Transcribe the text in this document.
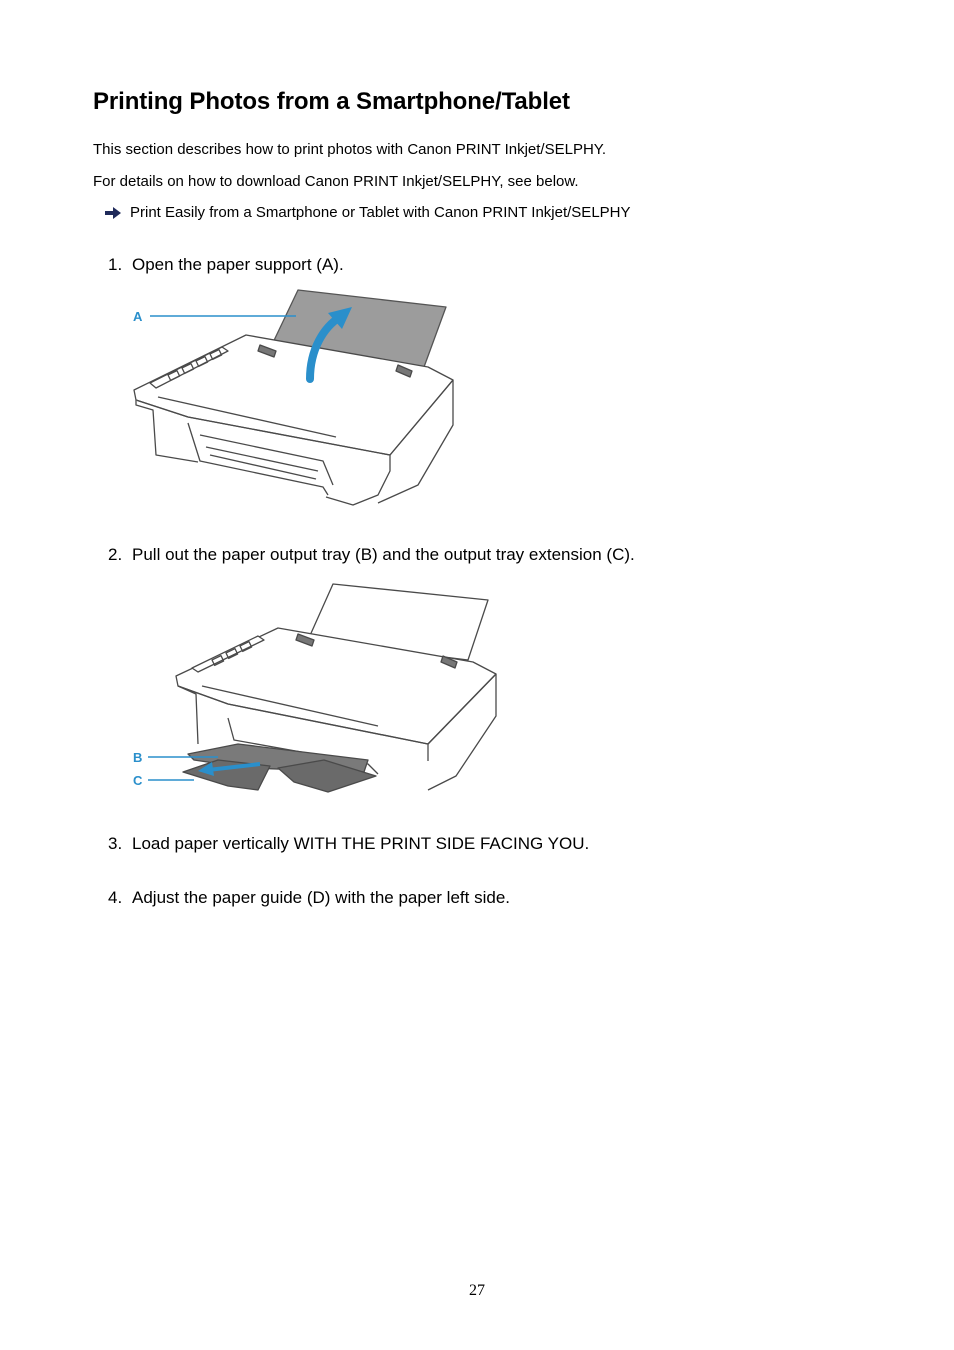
Printing Photos from a Smartphone/Tablet

This section describes how to print photos with Canon PRINT Inkjet/SELPHY.

For details on how to download Canon PRINT Inkjet/SELPHY, see below.

Print Easily from a Smartphone or Tablet with Canon PRINT Inkjet/SELPHY
1. Open the paper support (A).
A
2. Pull out the paper output tray (B) and the output tray extension (C).
B
C
3. Load paper vertically WITH THE PRINT SIDE FACING YOU.
4. Adjust the paper guide (D) with the paper left side.
27
